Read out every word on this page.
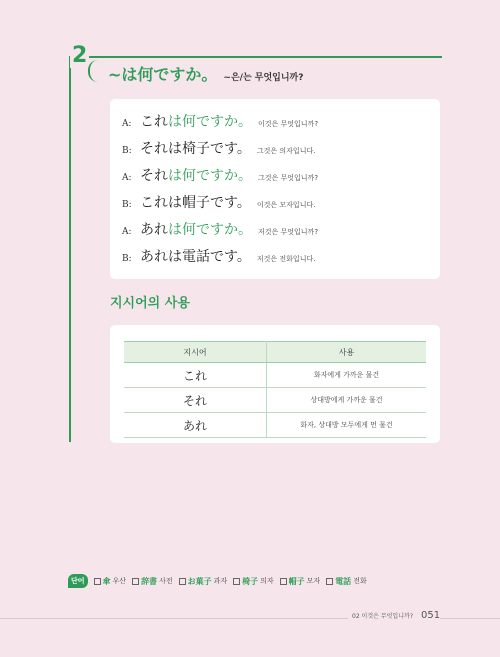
2
~は何ですか。 ~은/는 무엇입니까?
A: これは何ですか。 이것은 무엇입니까?
B: それは椅子です。 그것은 의자입니다.
A: それは何ですか。 그것은 무엇입니까?
B: これは帽子です。 이것은 모자입니다.
A: あれは何ですか。 저것은 무엇입니까?
B: あれは電話です。 저것은 전화입니다.
지시어의 사용
지시어	사용
これ	화자에게 가까운 물건
それ	상대방에게 가까운 물건
あれ	화자, 상대방 모두에게 먼 물건
단어	傘 우산 辞書 사전 お菓子 과자 椅子 의자 帽子 모자 電話 전화
02 이것은 무엇입니까? 051
